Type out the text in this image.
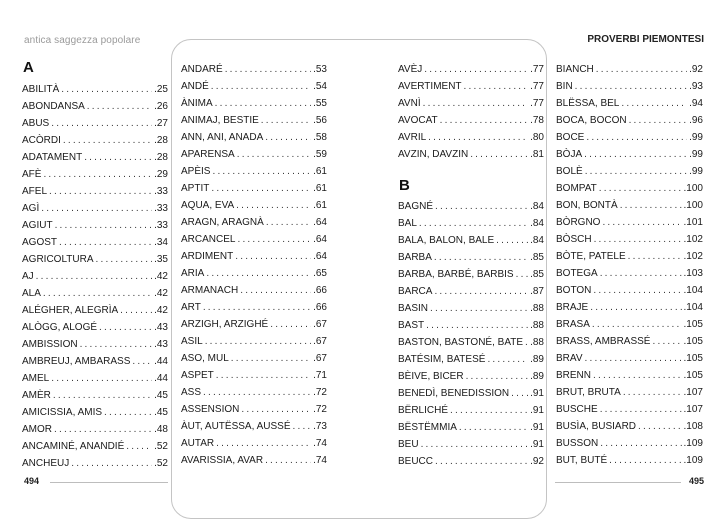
antica saggezza popolare	PROVERBI PIEMONTESI
A
B
ABILITÀ .....	.25
ABONDANSA .....	.26
ABUS .....	.27
ACÒRDI .....	.28
ADATAMENT .....	.28
AFÈ .....	.29
AFEL .....	.33
AGÌ .....	.33
AGIUT .....	.33
AGOST .....	.34
AGRICOLTURA .....	.35
AJ .....	.42
ALA .....	.42
ALÉGHER, ALEGRÌA .....	.42
ALÒGG, ALOGÉ .....	.43
AMBISSION .....	.43
AMBREUJ, AMBARASS ..... .44
AMEL .....	.44
AMÈR .....	.45
AMICISSIA, AMIS .....	.45
AMOR .....	.48
ANCAMINÉ, ANANDIÉ .....	.52
ANCHEUJ .....	.52
ANDARÉ .....	.53
ANDÉ .....	.54
ÀNIMA .....	.55
ANIMAJ, BESTIE .....	.56
ANN, ANI, ANADA .....	.58
APARENSA .....	.59
APÈIS .....	.61
APTIT .....	.61
AQUA, EVA .....	.61
ARAGN, ARAGNÀ .....	.64
ARCANCEL .....	.64
ARDIMENT .....	.64
ARIA .....	.65
ARMANACH .....	.66
ART .....	.66
ARZIGH, ARZIGHÉ .....	.67
ASIL .....	.67
ASO, MUL .....	.67
ASPET .....	.71
ASS .....	.72
ASSENSION .....	.72
ÀUT, AUTËSSA, AUSSÉ ..... .73
AUTAR .....	.74
AVARISSIA, AVAR .....	.74
AVÈJ .....	.77
AVERTIMENT .....	.77
AVNÌ .....	.77
AVOCAT .....	.78
AVRIL .....	.80
AVZIN, DAVZIN .....	.81
BAGNÉ .....	.84
BAL .....	.84
BALA, BALON, BALE .....	.84
BARBA .....	.85
BARBA, BARBÉ, BARBIS ..... .85
BARCA .....	.87
BASIN .....	.88
BAST .....	.88
BASTON, BASTONÉ, BATE ..... .88
BATÉSIM, BATESÉ .....	.89
BÈIVE, BICER .....	.89
BENEDÌ, BENEDISSION ..... .91
BËRLICHÉ .....	.91
BËSTËMMIA .....	.91
BEU .....	.91
BEUCC .....	.92
BIANCH .....	.92
BIN .....	.93
BLËSSA, BEL .....	.94
BOCA, BOCON .....	.96
BOCE .....	.99
BÒJA .....	.99
BOLÈ .....	.99
BOMPAT .....	.100
BON, BONTÀ .....	.100
BÒRGNO .....	.101
BÒSCH .....	.102
BÒTE, PATELE .....	.102
BOTEGA .....	.103
BOTON .....	.104
BRAJE .....	.104
BRASA .....	.105
BRASS, AMBRASSÉ .....	.105
BRAV .....	.105
BRENN .....	.105
BRUT, BRUTA .....	.107
BUSCHE .....	.107
BUSÌA, BUSIARD .....	.108
BUSSON .....	.109
BUT, BUTÉ .....	.109
494	495
